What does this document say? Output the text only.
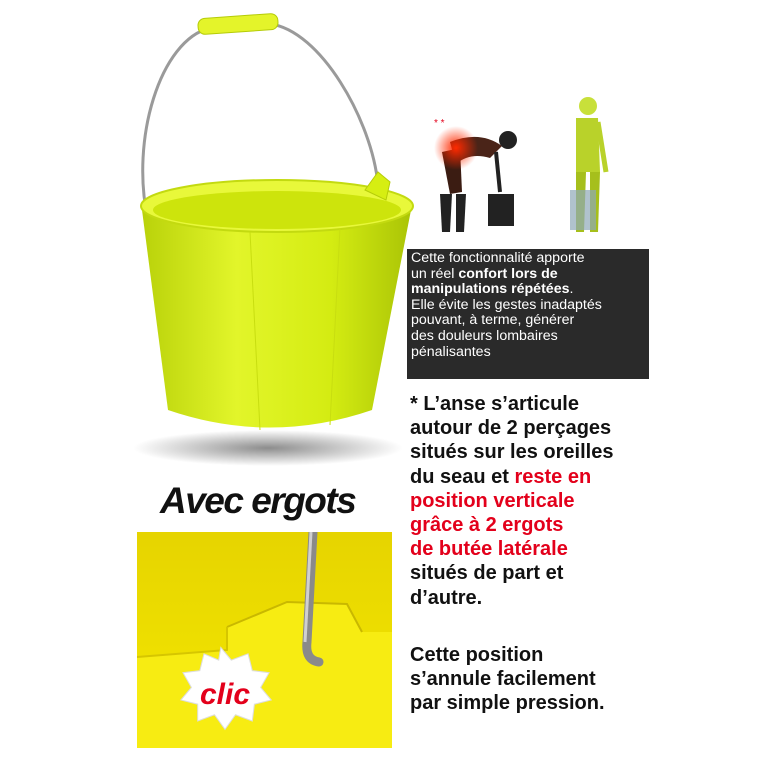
* *
Cette fonctionnalité apporte
un réel confort lors de
manipulations répétées.
Elle évite les gestes inadaptés
pouvant, à terme, générer
des douleurs lombaires
pénalisantes
* L’anse s’articule
autour de 2 perçages
situés sur les oreilles
du seau et reste en
position verticale
grâce à 2 ergots
de butée latérale
situés de part et
d’autre.
Cette position
s’annule facilement
par simple pression.
Avec ergots
clic
